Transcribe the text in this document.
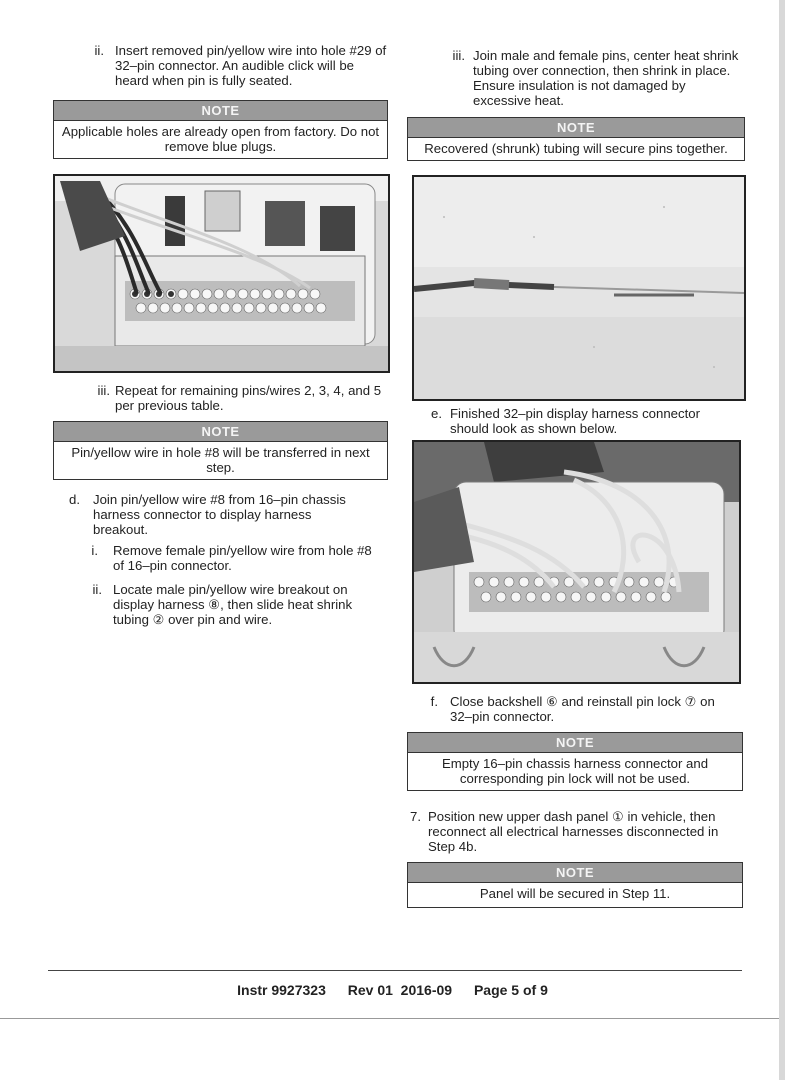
ii. Insert removed pin/yellow wire into hole #29 of 32–pin connector. An audible click will be heard when pin is fully seated.
NOTE
Applicable holes are already open from factory. Do not remove blue plugs.
iii. Repeat for remaining pins/wires 2, 3, 4, and 5 per previous table.
NOTE
Pin/yellow wire in hole #8 will be transferred in next step.
d. Join pin/yellow wire #8 from 16–pin chassis harness connector to display harness breakout.
i. Remove female pin/yellow wire from hole #8 of 16–pin connector.
ii. Locate male pin/yellow wire breakout on display harness ⑧, then slide heat shrink tubing ② over pin and wire.
iii. Join male and female pins, center heat shrink tubing over connection, then shrink in place. Ensure insulation is not damaged by excessive heat.
NOTE
Recovered (shrunk) tubing will secure pins together.
e. Finished 32–pin display harness connector should look as shown below.
f. Close backshell ⑥ and reinstall pin lock ⑦ on 32–pin connector.
NOTE
Empty 16–pin chassis harness connector and corresponding pin lock will not be used.
7. Position new upper dash panel ① in vehicle, then reconnect all electrical harnesses disconnected in Step 4b.
NOTE
Panel will be secured in Step 11.
Instr 9927323 Rev 01  2016-09 Page 5 of 9
